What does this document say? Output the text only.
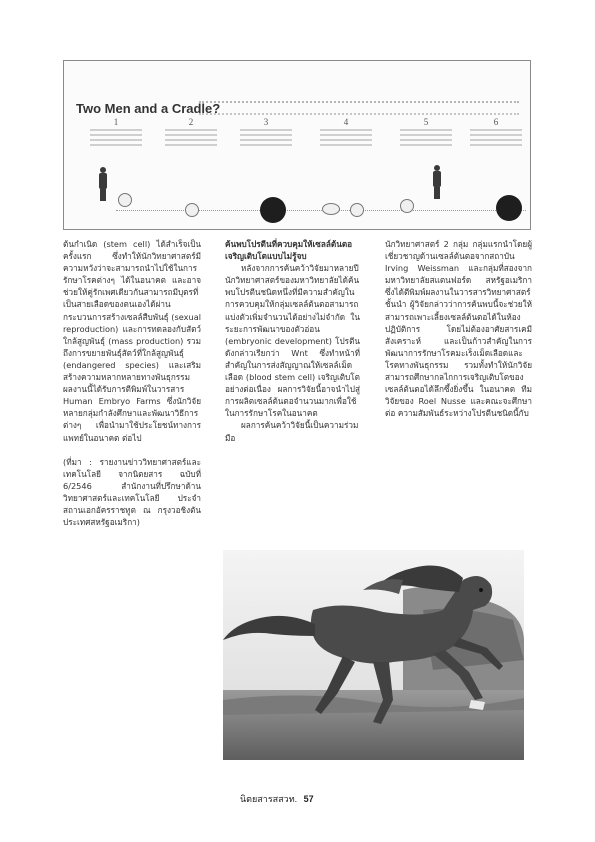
Two Men and a Cradle?
1	2	3	4	5	6

ต้นกำเนิด (stem cell) ได้สำเร็จเป็นครั้งแรก ซึ่งทำให้นักวิทยาศาสตร์มีความหวังว่าจะสามารถนำไปใช้ในการรักษาโรคต่างๆ ได้ในอนาคต และอาจช่วยให้คู่รักเพศเดียวกันสามารถมีบุตรที่เป็นสายเลือดของตนเองได้ผ่านกระบวนการสร้างเซลล์สืบพันธุ์ (sexual reproduction) และการทดลองกับสัตว์ใกล้สูญพันธุ์ (mass production) รวมถึงการขยายพันธุ์สัตว์ที่ใกล้สูญพันธุ์ (endangered species) และเสริมสร้างความหลากหลายทางพันธุกรรม ผลงานนี้ได้รับการตีพิมพ์ในวารสาร Human Embryo Farms ซึ่งนักวิจัยหลายกลุ่มกำลังศึกษาและพัฒนาวิธีการต่างๆ เพื่อนำมาใช้ประโยชน์ทางการแพทย์ในอนาคต ต่อไป

(ที่มา : รายงานข่าววิทยาศาสตร์และเทคโนโลยี จากนิตยสาร ฉบับที่ 6/2546 สำนักงานที่ปรึกษาด้านวิทยาศาสตร์และเทคโนโลยี ประจำสถานเอกอัครราชทูต ณ กรุงวอชิงตัน ประเทศสหรัฐอเมริกา)

ค้นพบโปรตีนที่ควบคุมให้เซลล์ต้นตอเจริญเติบโตแบบไม่รู้จบ

หลังจากการค้นคว้าวิจัยมาหลายปี นักวิทยาศาสตร์ของมหาวิทยาลัยได้ค้นพบโปรตีนชนิดหนึ่งที่มีความสำคัญในการควบคุมให้กลุ่มเซลล์ต้นตอสามารถแบ่งตัวเพิ่มจำนวนได้อย่างไม่จำกัด ในระยะการพัฒนาของตัวอ่อน (embryonic development) โปรตีนดังกล่าวเรียกว่า Wnt ซึ่งทำหน้าที่สำคัญในการส่งสัญญาณให้เซลล์เม็ดเลือด (blood stem cell) เจริญเติบโตอย่างต่อเนื่อง ผลการวิจัยนี้อาจนำไปสู่การผลิตเซลล์ต้นตอจำนวนมากเพื่อใช้ในการรักษาโรคในอนาคต

ผลการค้นคว้าวิจัยนี้เป็นความร่วมมือ

นักวิทยาศาสตร์ 2 กลุ่ม กลุ่มแรกนำโดยผู้เชี่ยวชาญด้านเซลล์ต้นตอจากสถาบัน Irving Weissman และกลุ่มที่สองจากมหาวิทยาลัยสแตนฟอร์ด สหรัฐอเมริกา ซึ่งได้ตีพิมพ์ผลงานในวารสารวิทยาศาสตร์ชั้นนำ ผู้วิจัยกล่าวว่าการค้นพบนี้จะช่วยให้สามารถเพาะเลี้ยงเซลล์ต้นตอได้ในห้องปฏิบัติการ โดยไม่ต้องอาศัยสารเคมีสังเคราะห์ และเป็นก้าวสำคัญในการพัฒนาการรักษาโรคมะเร็งเม็ดเลือดและโรคทางพันธุกรรม รวมทั้งทำให้นักวิจัยสามารถศึกษากลไกการเจริญเติบโตของเซลล์ต้นตอได้ลึกซึ้งยิ่งขึ้น ในอนาคต ทีมวิจัยของ Roel Nusse และคณะจะศึกษาต่อ ความสัมพันธ์ระหว่างโปรตีนชนิดนี้กับ

นิตยสารสสวท. 57
